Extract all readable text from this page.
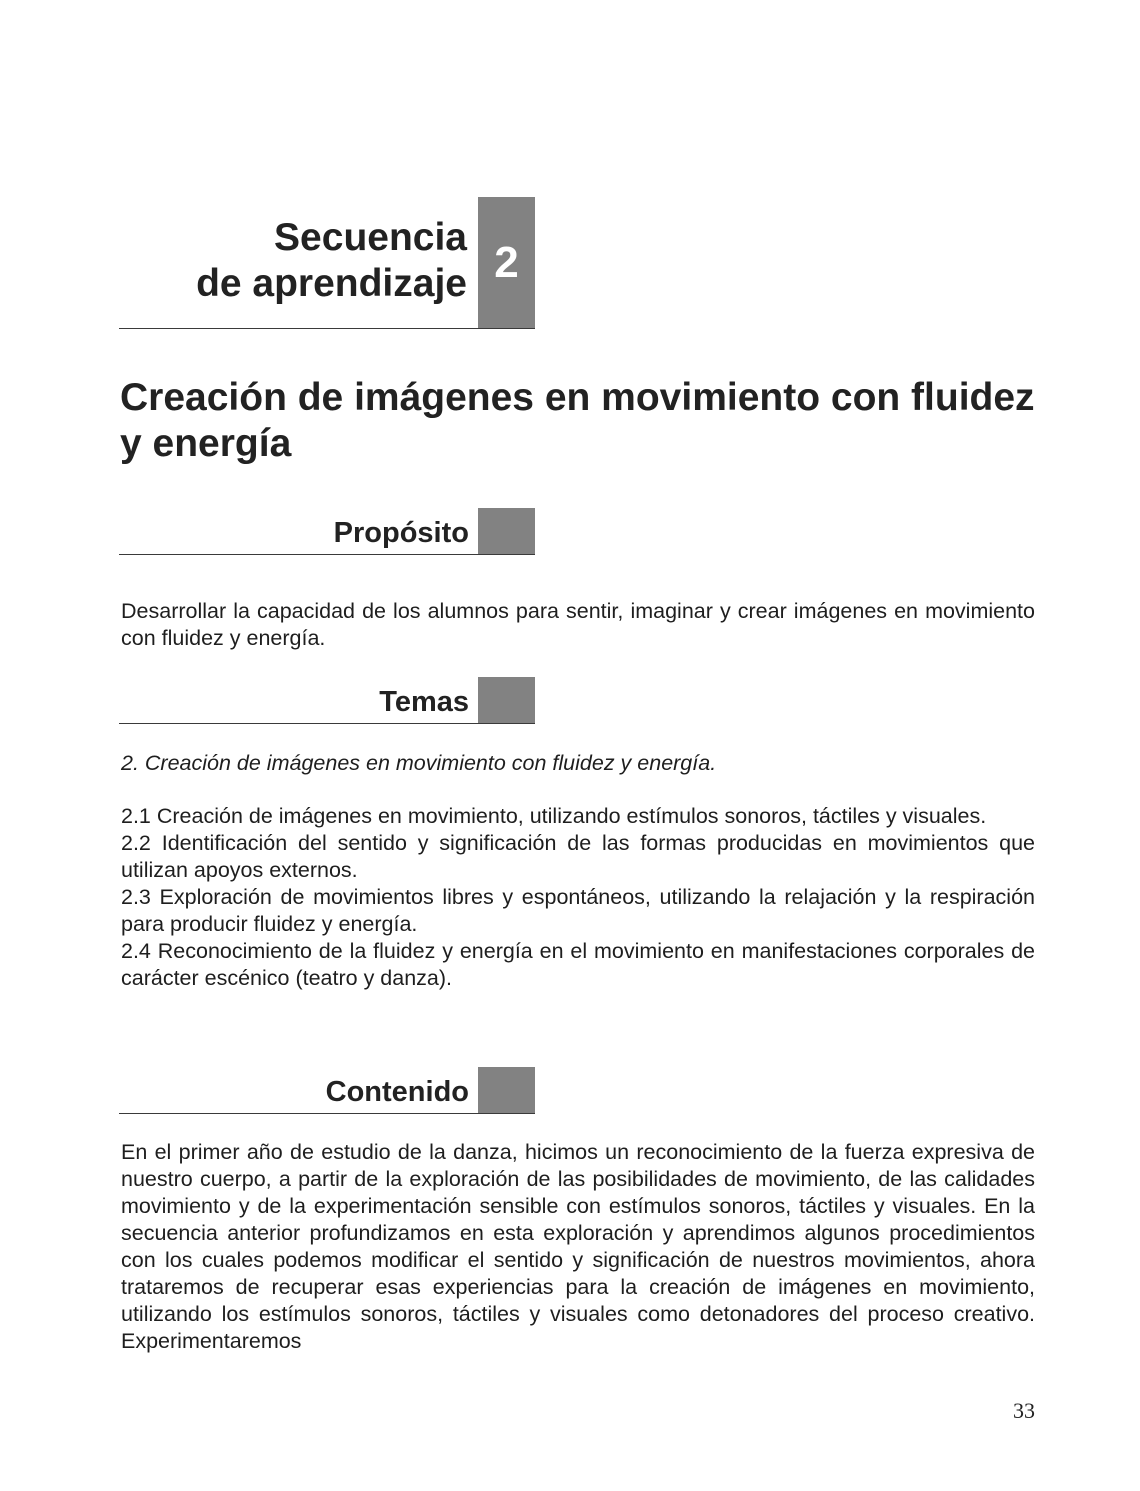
Secuencia
de aprendizaje 2
Creación de imágenes en movimiento con fluidez y energía
Propósito

Desarrollar la capacidad de los alumnos para sentir, imaginar y crear imágenes en movimiento con fluidez y energía.

Temas

2. Creación de imágenes en movimiento con fluidez y energía.

2.1 Creación de imágenes en movimiento, utilizando estímulos sonoros, táctiles y visuales.

2.2 Identificación del sentido y significación de las formas producidas en movimientos que utilizan apoyos externos.

2.3 Exploración de movimientos libres y espontáneos, utilizando la relajación y la respiración para producir fluidez y energía.

2.4 Reconocimiento de la fluidez y energía en el movimiento en manifestaciones corporales de carácter escénico (teatro y danza).

Contenido

En el primer año de estudio de la danza, hicimos un reconocimiento de la fuerza expresiva de nuestro cuerpo, a partir de la exploración de las posibilidades de movimiento, de las calidades movimiento y de la experimentación sensible con estímulos sonoros, táctiles y visuales. En la secuencia anterior profundizamos en esta exploración y aprendimos algunos procedimientos con los cuales podemos modificar el sentido y significación de nuestros movimientos, ahora trataremos de recuperar esas experiencias para la creación de imágenes en movimiento, utilizando los estímulos sonoros, táctiles y visuales como detonadores del proceso creativo. Experimentaremos

33
